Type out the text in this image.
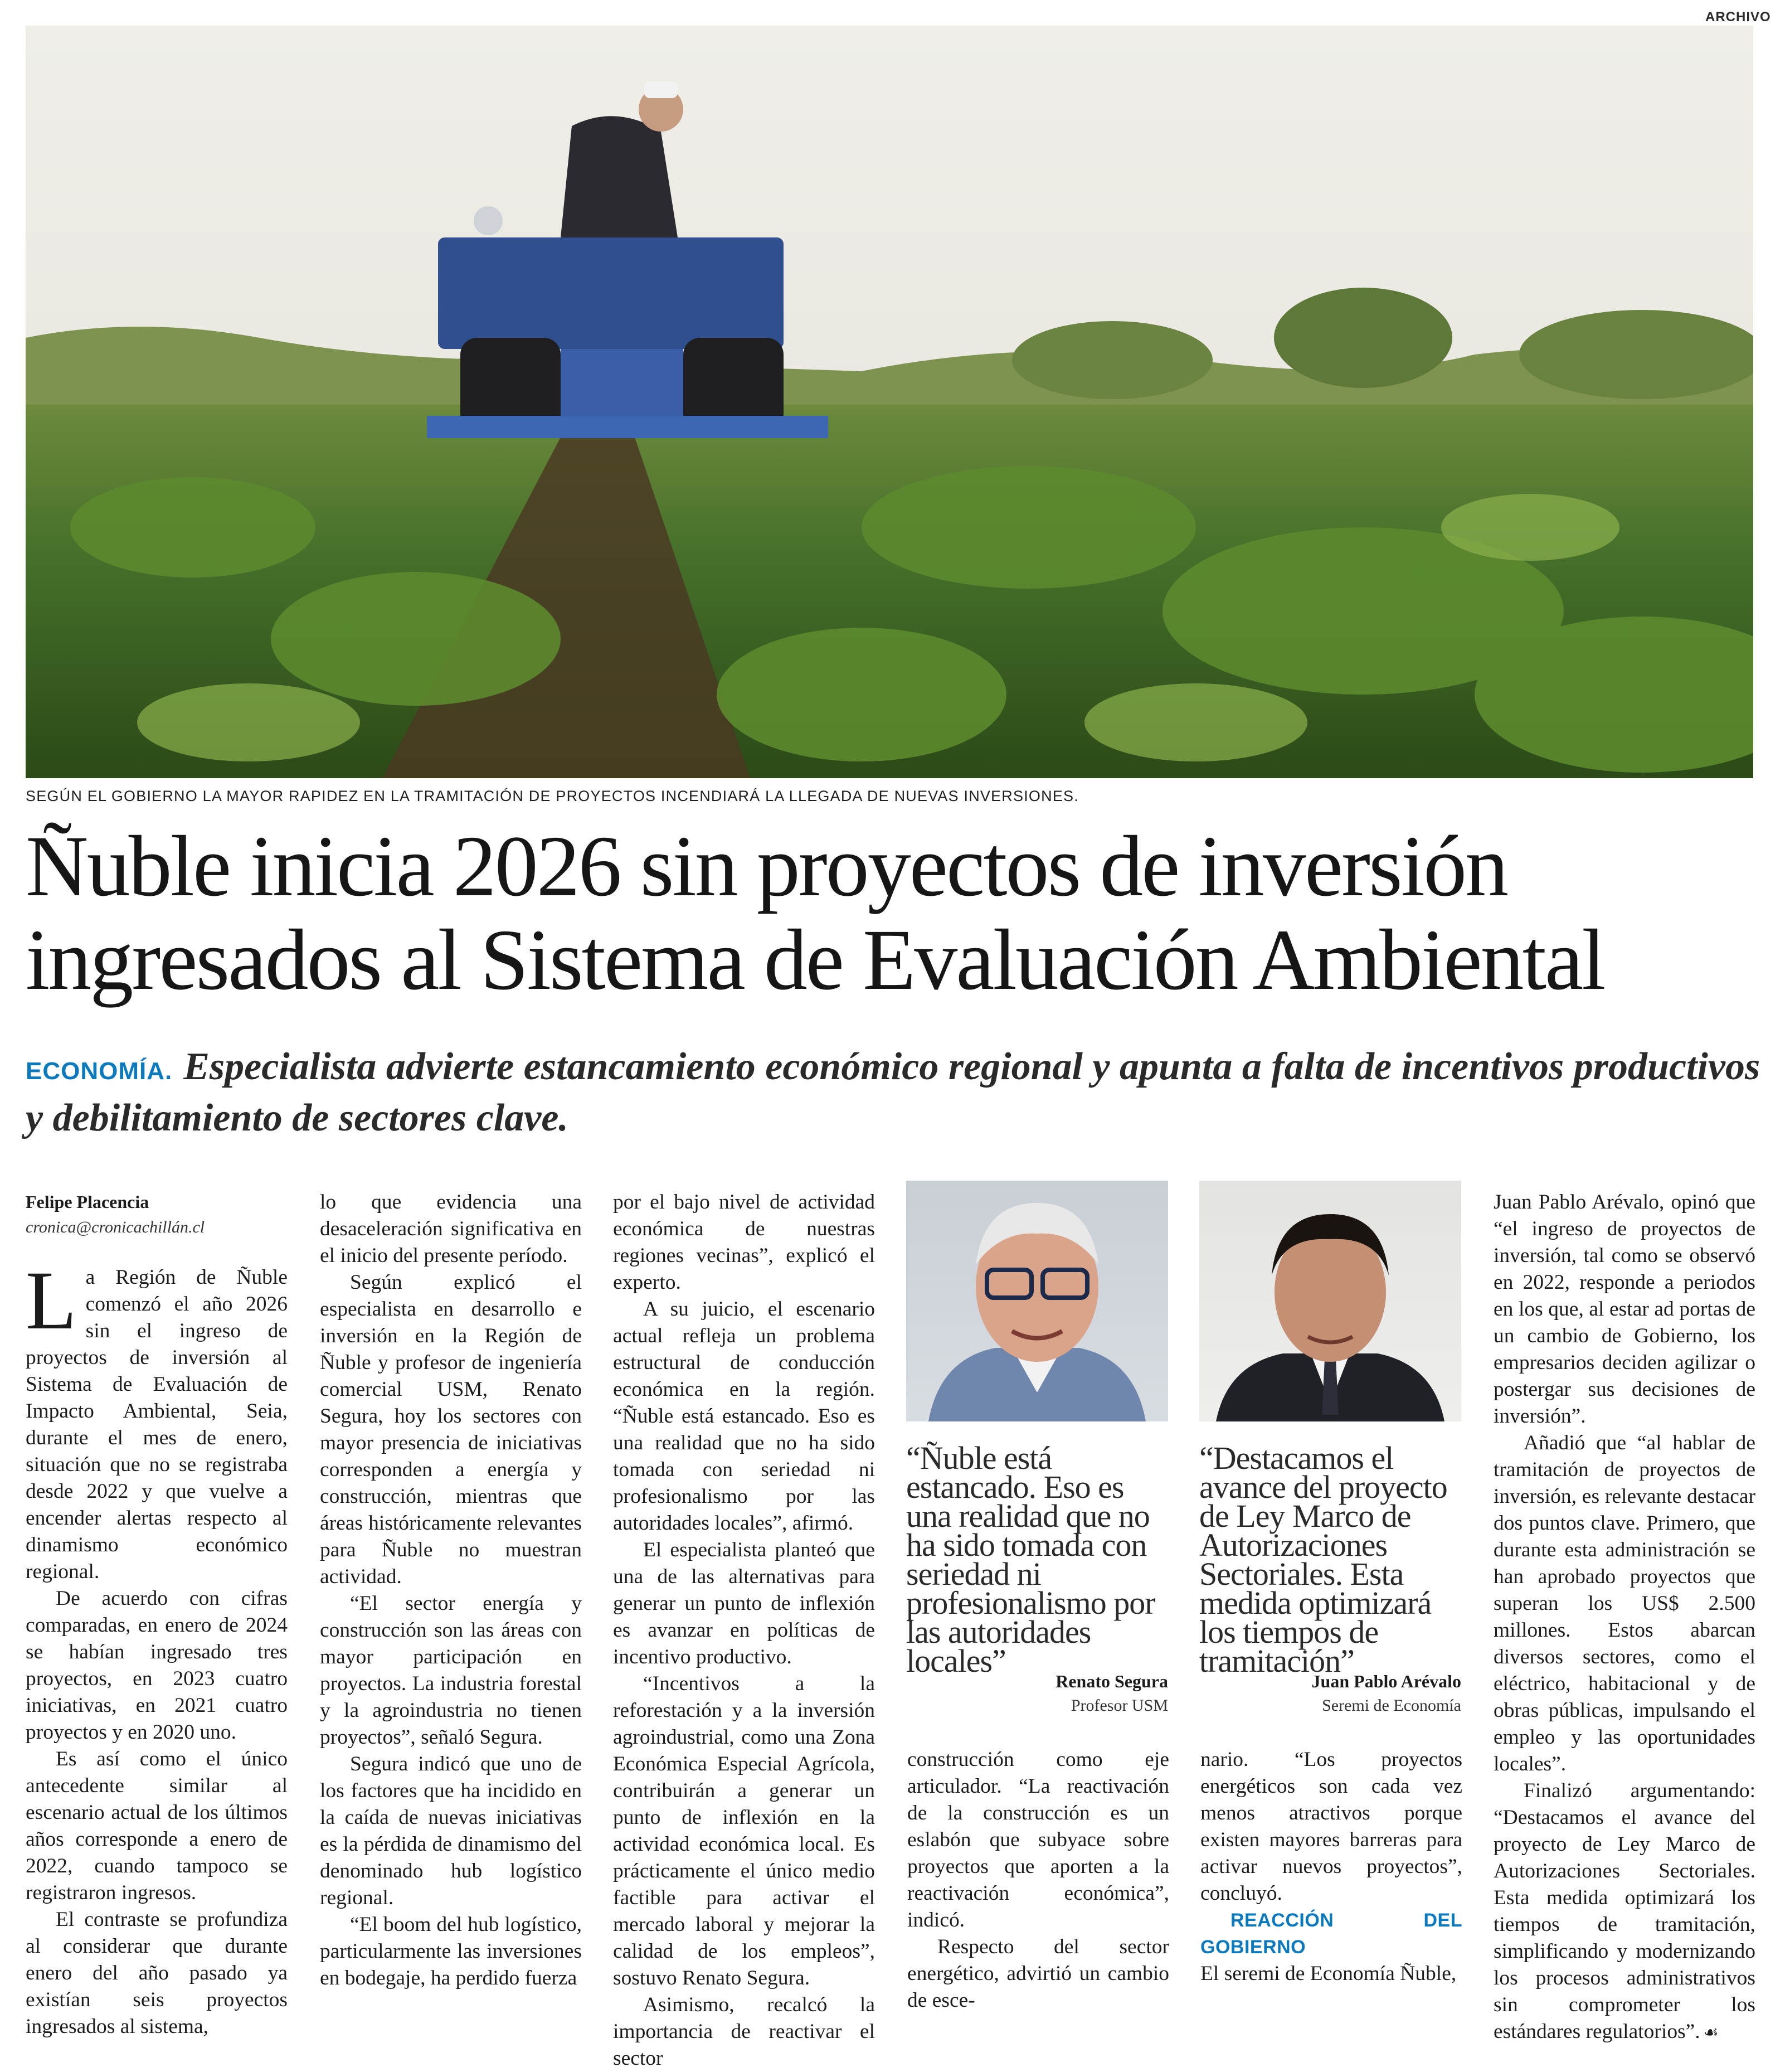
ARCHIVO
SEGÚN EL GOBIERNO LA MAYOR RAPIDEZ EN LA TRAMITACIÓN DE PROYECTOS INCENDIARÁ LA LLEGADA DE NUEVAS INVERSIONES.
Ñuble inicia 2026 sin proyectos de inversión
ingresados al Sistema de Evaluación Ambiental
ECONOMÍA. Especialista advierte estancamiento económico regional y apunta a falta de incentivos productivos y debilitamiento de sectores clave.
Felipe Placencia
cronica@cronicachillán.cl

La Región de Ñuble comenzó el año 2026 sin el ingreso de proyectos de inversión al Sistema de Evaluación de Impacto Ambiental, Seia, durante el mes de enero, situación que no se registraba desde 2022 y que vuelve a encender alertas respecto al dinamismo económico regional.

De acuerdo con cifras comparadas, en enero de 2024 se habían ingresado tres proyectos, en 2023 cuatro iniciativas, en 2021 cuatro proyectos y en 2020 uno.

Es así como el único antecedente similar al escenario actual de los últimos años corresponde a enero de 2022, cuando tampoco se registraron ingresos.

El contraste se profundiza al considerar que durante enero del año pasado ya existían seis proyectos ingresados al sistema,

lo que evidencia una desaceleración significativa en el inicio del presente período.

Según explicó el especialista en desarrollo e inversión en la Región de Ñuble y profesor de ingeniería comercial USM, Renato Segura, hoy los sectores con mayor presencia de iniciativas corresponden a energía y construcción, mientras que áreas históricamente relevantes para Ñuble no muestran actividad.

“El sector energía y construcción son las áreas con mayor participación en proyectos. La industria forestal y la agroindustria no tienen proyectos”, señaló Segura.

Segura indicó que uno de los factores que ha incidido en la caída de nuevas iniciativas es la pérdida de dinamismo del denominado hub logístico regional.

“El boom del hub logístico, particularmente las inversiones en bodegaje, ha perdido fuerza

por el bajo nivel de actividad económica de nuestras regiones vecinas”, explicó el experto.

A su juicio, el escenario actual refleja un problema estructural de conducción económica en la región. “Ñuble está estancado. Eso es una realidad que no ha sido tomada con seriedad ni profesionalismo por las autoridades locales”, afirmó.

El especialista planteó que una de las alternativas para generar un punto de inflexión es avanzar en políticas de incentivo productivo.

“Incentivos a la reforestación y a la inversión agroindustrial, como una Zona Económica Especial Agrícola, contribuirán a generar un punto de inflexión en la actividad económica local. Es prácticamente el único medio factible para activar el mercado laboral y mejorar la calidad de los empleos”, sostuvo Renato Segura.

Asimismo, recalcó la importancia de reactivar el sector

“Ñuble está estancado. Eso es una realidad que no ha sido tomada con seriedad ni profesionalismo por las autoridades locales”
Renato Segura
Profesor USM
“Destacamos el avance del proyecto de Ley Marco de Autorizaciones Sectoriales. Esta medida optimizará los tiempos de tramitación”
Juan Pablo Arévalo
Seremi de Economía

construcción como eje articulador. “La reactivación de la construcción es un eslabón que subyace sobre proyectos que aporten a la reactivación económica”, indicó.

Respecto del sector energético, advirtió un cambio de esce-

nario. “Los proyectos energéticos son cada vez menos atractivos porque existen mayores barreras para activar nuevos proyectos”, concluyó.

REACCIÓN DEL GOBIERNO

El seremi de Economía Ñuble,

Juan Pablo Arévalo, opinó que “el ingreso de proyectos de inversión, tal como se observó en 2022, responde a periodos en los que, al estar ad portas de un cambio de Gobierno, los empresarios deciden agilizar o postergar sus decisiones de inversión”.

Añadió que “al hablar de tramitación de proyectos de inversión, es relevante destacar dos puntos clave. Primero, que durante esta administración se han aprobado proyectos que superan los US$ 2.500 millones. Estos abarcan diversos sectores, como el eléctrico, habitacional y de obras públicas, impulsando el empleo y las oportunidades locales”.

Finalizó argumentando: “Destacamos el avance del proyecto de Ley Marco de Autorizaciones Sectoriales. Esta medida optimizará los tiempos de tramitación, simplificando y modernizando los procesos administrativos sin comprometer los estándares regulatorios”. ☙
